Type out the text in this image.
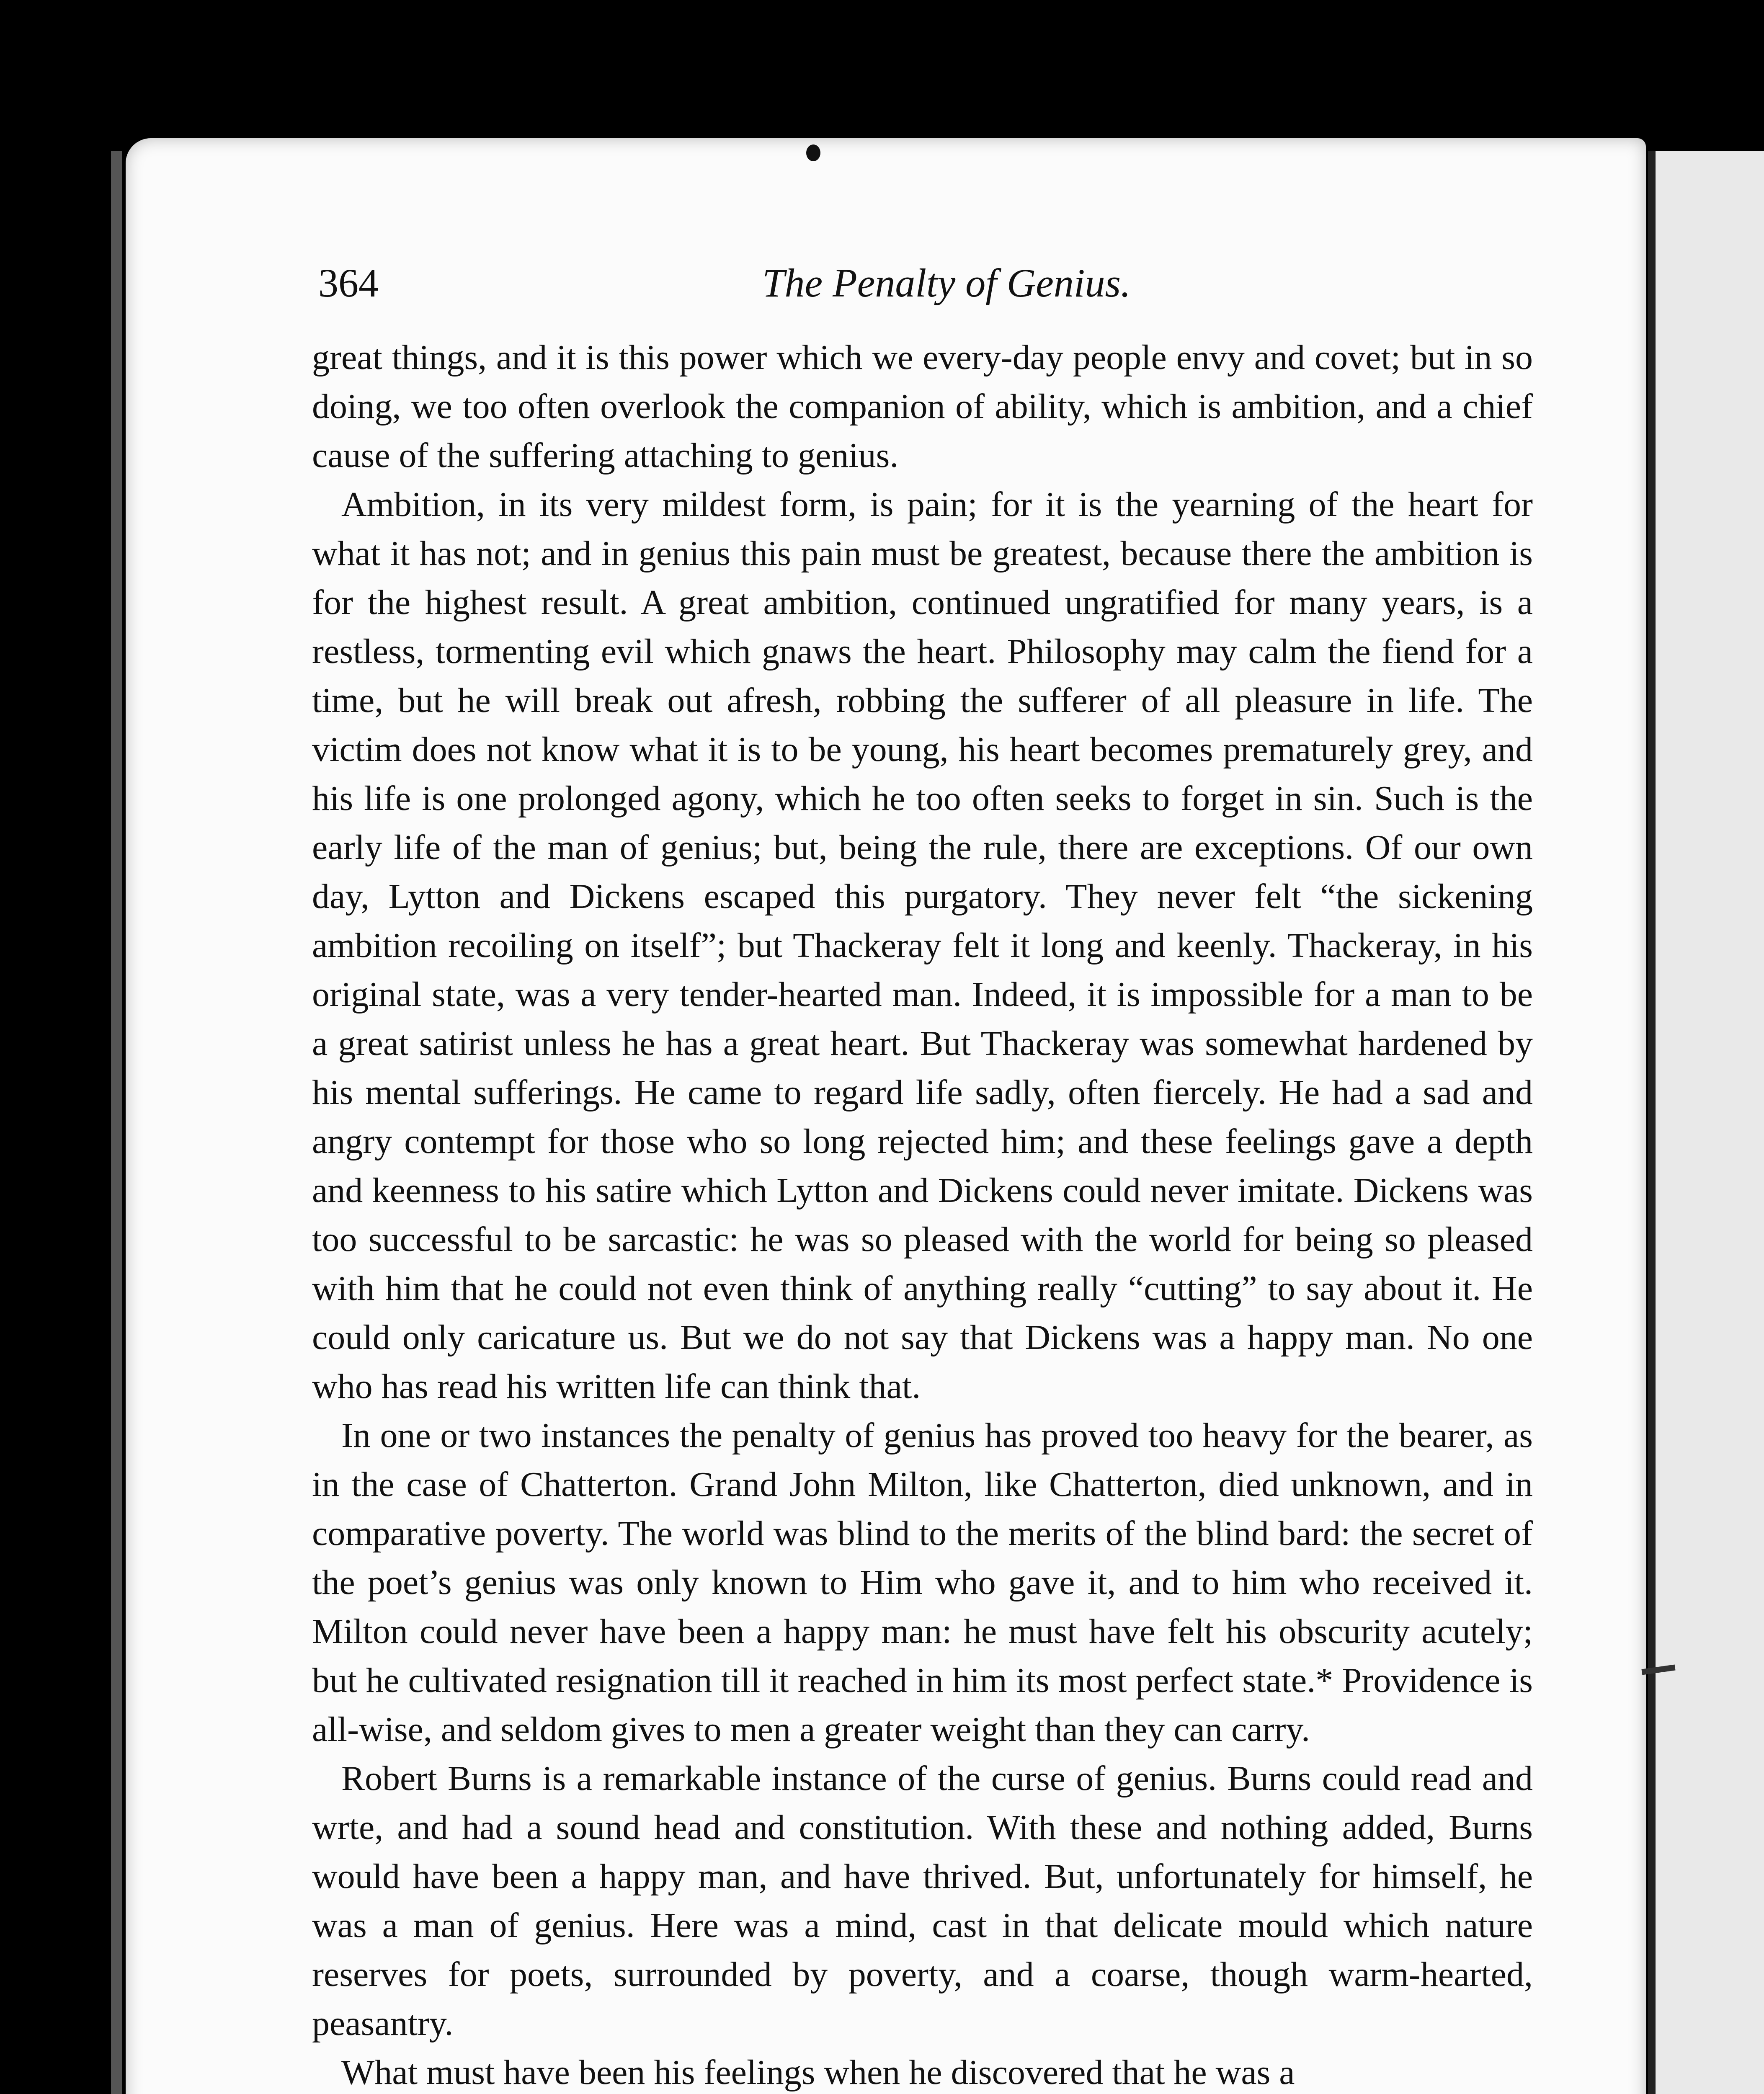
364	The Penalty of Genius.

great things, and it is this power which we every-day people envy and covet; but in so doing, we too often overlook the companion of ability, which is ambition, and a chief cause of the suffering attaching to genius.

Ambition, in its very mildest form, is pain; for it is the yearning of the heart for what it has not; and in genius this pain must be greatest, because there the ambition is for the highest result. A great ambition, continued ungratified for many years, is a restless, tormenting evil which gnaws the heart. Philosophy may calm the fiend for a time, but he will break out afresh, robbing the sufferer of all pleasure in life. The victim does not know what it is to be young, his heart becomes prematurely grey, and his life is one prolonged agony, which he too often seeks to forget in sin. Such is the early life of the man of genius; but, being the rule, there are exceptions. Of our own day, Lytton and Dickens escaped this purgatory. They never felt “the sickening ambition recoiling on itself”; but Thackeray felt it long and keenly. Thackeray, in his original state, was a very tender-hearted man. Indeed, it is impossible for a man to be a great satirist unless he has a great heart. But Thackeray was somewhat hardened by his mental sufferings. He came to regard life sadly, often fiercely. He had a sad and angry contempt for those who so long rejected him; and these feelings gave a depth and keenness to his satire which Lytton and Dickens could never imitate. Dickens was too successful to be sarcastic: he was so pleased with the world for being so pleased with him that he could not even think of anything really “cutting” to say about it. He could only caricature us. But we do not say that Dickens was a happy man. No one who has read his written life can think that.

In one or two instances the penalty of genius has proved too heavy for the bearer, as in the case of Chatterton. Grand John Milton, like Chatterton, died unknown, and in comparative poverty. The world was blind to the merits of the blind bard: the secret of the poet’s genius was only known to Him who gave it, and to him who received it. Milton could never have been a happy man: he must have felt his obscurity acutely; but he cultivated resignation till it reached in him its most perfect state.* Providence is all-wise, and seldom gives to men a greater weight than they can carry.

Robert Burns is a remarkable instance of the curse of genius. Burns could read and wrte, and had a sound head and constitution. With these and nothing added, Burns would have been a happy man, and have thrived. But, unfortunately for himself, he was a man of genius. Here was a mind, cast in that delicate mould which nature reserves for poets, surrounded by poverty, and a coarse, though warm-hearted, peasantry.

What must have been his feelings when he discovered that he was a
